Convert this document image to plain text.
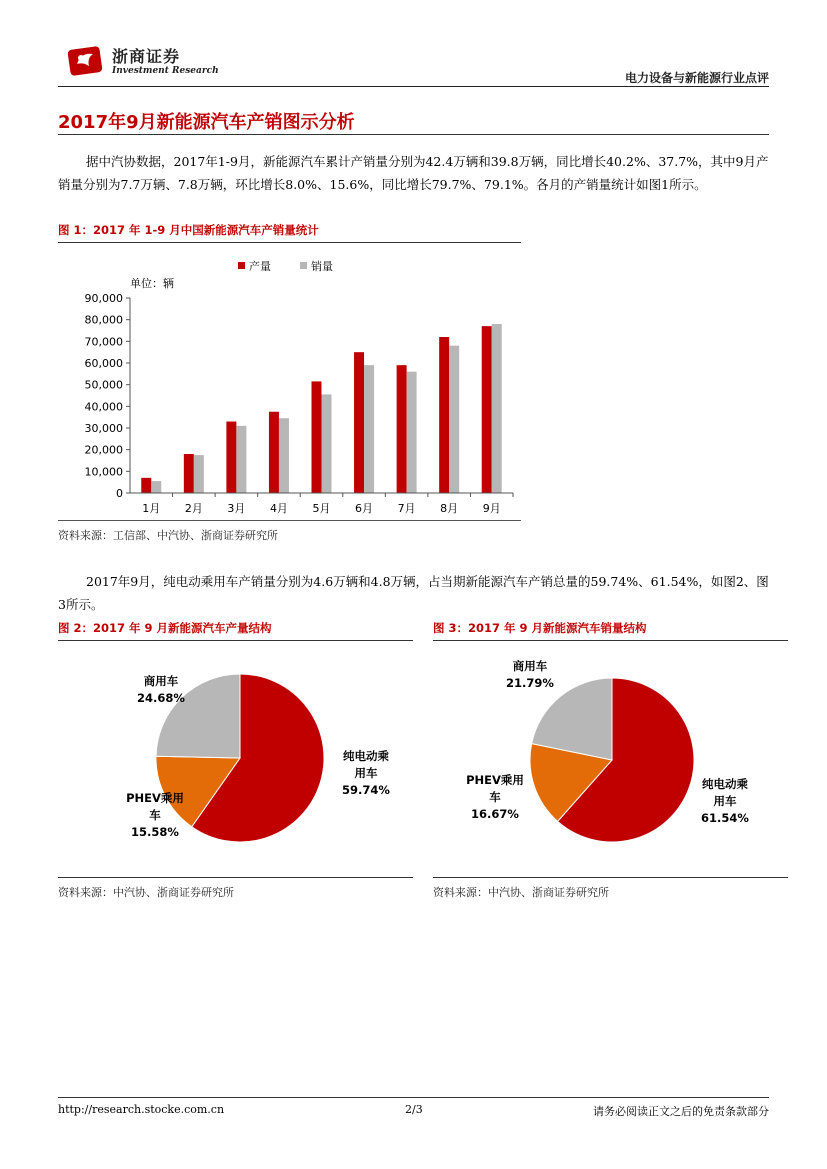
浙商证券
Investment Research	电力设备与新能源行业点评
2017年9月新能源汽车产销图示分析
据中汽协数据，2017年1-9月，新能源汽车累计产销量分别为42.4万辆和39.8万辆，同比增长40.2%、37.7%，其中9月产销量分别为7.7万辆、7.8万辆，环比增长8.0%、15.6%，同比增长79.7%、79.1%。各月的产销量统计如图1所示。
图 1：2017 年 1-9 月中国新能源汽车产销量统计
产量	销量
单位：辆
0
10,000
20,000
30,000
40,000
50,000
60,000
70,000
80,000
90,000
1月 2月 3月 4月 5月 6月 7月 8月 9月
资料来源：工信部、中汽协、浙商证券研究所
2017年9月，纯电动乘用车产销量分别为4.6万辆和4.8万辆，占当期新能源汽车产销总量的59.74%、61.54%，如图2、图3所示。
图 2：2017 年 9 月新能源汽车产量结构
纯电动乘
用车
59.74%
PHEV乘用
车
15.58%
商用车
24.68%
资料来源：中汽协、浙商证券研究所
图 3：2017 年 9 月新能源汽车销量结构
纯电动乘
用车
61.54%
PHEV乘用
车
16.67%
商用车
21.79%
资料来源：中汽协、浙商证券研究所
http://research.stocke.com.cn	2/3	请务必阅读正文之后的免责条款部分
